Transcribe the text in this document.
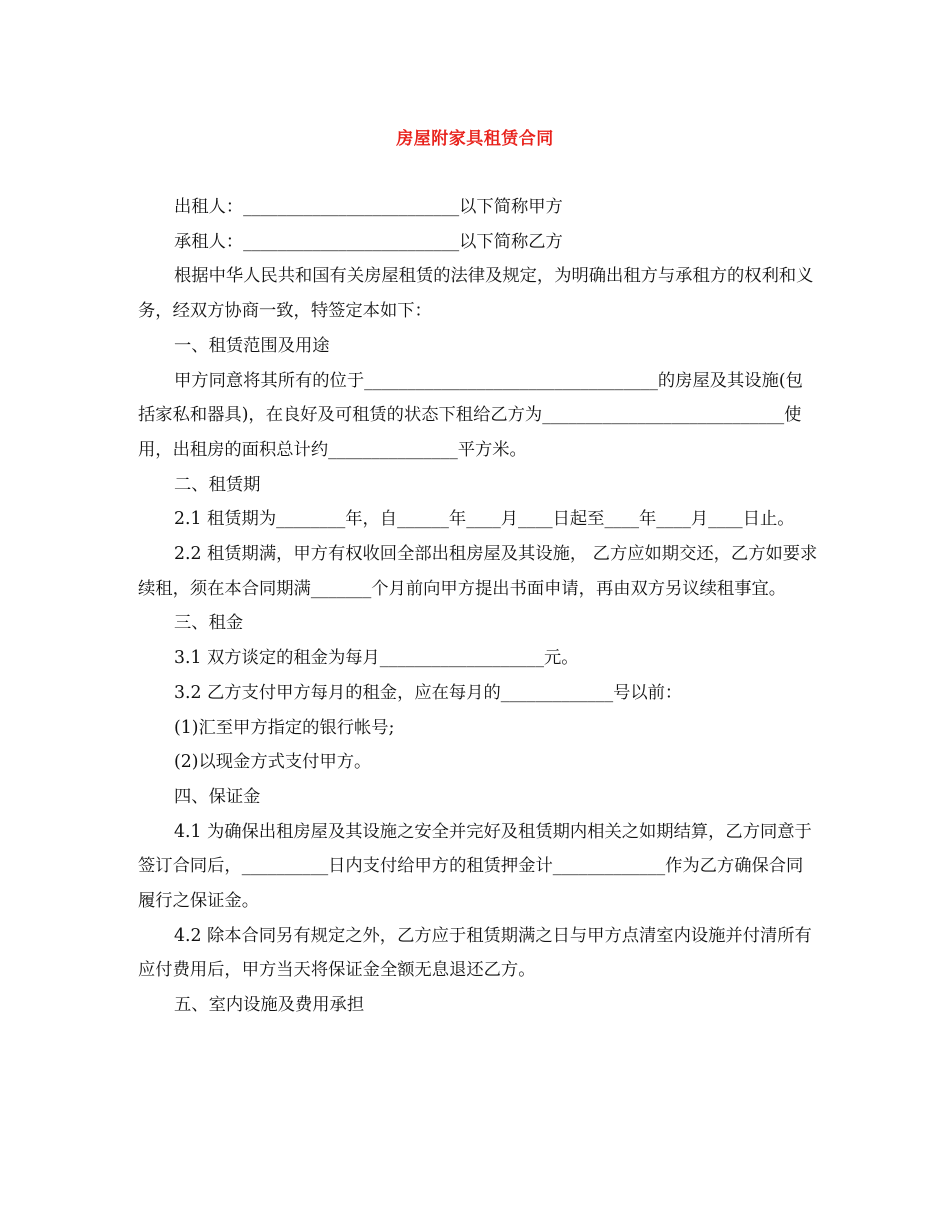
房屋附家具租赁合同

出租人：_________________________以下简称甲方

承租人：_________________________以下简称乙方

根据中华人民共和国有关房屋租赁的法律及规定，为明确出租方与承租方的权利和义务，经双方协商一致，特签定本如下：

一、租赁范围及用途

甲方同意将其所有的位于__________________________________的房屋及其设施(包括家私和器具)，在良好及可租赁的状态下租给乙方为____________________________使用，出租房的面积总计约_______________平方米。

二、租赁期

2.1 租赁期为________年，自______年____月____日起至____年____月____日止。

2.2 租赁期满，甲方有权收回全部出租房屋及其设施， 乙方应如期交还，乙方如要求续租，须在本合同期满_______个月前向甲方提出书面申请，再由双方另议续租事宜。

三、租金

3.1 双方谈定的租金为每月___________________元。

3.2 乙方支付甲方每月的租金，应在每月的_____________号以前：

(1)汇至甲方指定的银行帐号;

(2)以现金方式支付甲方。

四、保证金

4.1 为确保出租房屋及其设施之安全并完好及租赁期内相关之如期结算，乙方同意于签订合同后，__________日内支付给甲方的租赁押金计_____________作为乙方确保合同履行之保证金。

4.2 除本合同另有规定之外，乙方应于租赁期满之日与甲方点清室内设施并付清所有应付费用后，甲方当天将保证金全额无息退还乙方。

五、室内设施及费用承担
